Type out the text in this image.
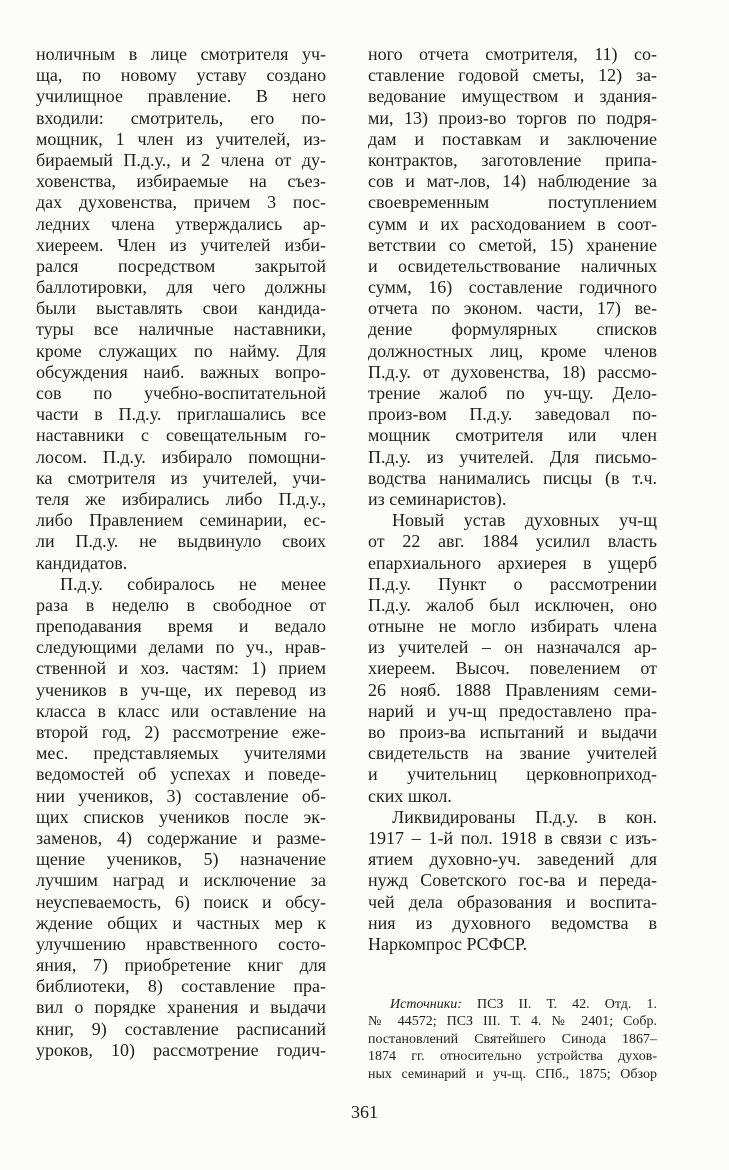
ноличным в лице смотрителя уч-
ща, по новому уставу создано
училищное правление. В него
входили: смотритель, его по-
мощник, 1 член из учителей, из-
бираемый П.д.у., и 2 члена от ду-
ховенства, избираемые на съез-
дах духовенства, причем 3 пос-
ледних члена утверждались ар-
хиереем. Член из учителей изби-
рался посредством закрытой
баллотировки, для чего должны
были выставлять свои кандида-
туры все наличные наставники,
кроме служащих по найму. Для
обсуждения наиб. важных вопро-
сов по учебно-воспитательной
части в П.д.у. приглашались все
наставники с совещательным го-
лосом. П.д.у. избирало помощни-
ка смотрителя из учителей, учи-
теля же избирались либо П.д.у.,
либо Правлением семинарии, ес-
ли П.д.у. не выдвинуло своих
кандидатов.
П.д.у. собиралось не менее
раза в неделю в свободное от
преподавания время и ведало
следующими делами по уч., нрав-
ственной и хоз. частям: 1) прием
учеников в уч-ще, их перевод из
класса в класс или оставление на
второй год, 2) рассмотрение еже-
мес. представляемых учителями
ведомостей об успехах и поведе-
нии учеников, 3) составление об-
щих списков учеников после эк-
заменов, 4) содержание и разме-
щение учеников, 5) назначение
лучшим наград и исключение за
неуспеваемость, 6) поиск и обсу-
ждение общих и частных мер к
улучшению нравственного состо-
яния, 7) приобретение книг для
библиотеки, 8) составление пра-
вил о порядке хранения и выдачи
книг, 9) составление расписаний
уроков, 10) рассмотрение годич-
ного отчета смотрителя, 11) со-
ставление годовой сметы, 12) за-
ведование имуществом и здания-
ми, 13) произ-во торгов по подря-
дам и поставкам и заключение
контрактов, заготовление припа-
сов и мат-лов, 14) наблюдение за
своевременным поступлением
сумм и их расходованием в соот-
ветствии со сметой, 15) хранение
и освидетельствование наличных
сумм, 16) составление годичного
отчета по эконом. части, 17) ве-
дение формулярных списков
должностных лиц, кроме членов
П.д.у. от духовенства, 18) рассмо-
трение жалоб по уч-щу. Дело-
произ-вом П.д.у. заведовал по-
мощник смотрителя или член
П.д.у. из учителей. Для письмо-
водства нанимались писцы (в т.ч.
из семинаристов).
Новый устав духовных уч-щ
от 22 авг. 1884 усилил власть
епархиального архиерея в ущерб
П.д.у. Пункт о рассмотрении
П.д.у. жалоб был исключен, оно
отныне не могло избирать члена
из учителей – он назначался ар-
хиереем. Высоч. повелением от
26 нояб. 1888 Правлениям семи-
нарий и уч-щ предоставлено пра-
во произ-ва испытаний и выдачи
свидетельств на звание учителей
и учительниц церковноприход-
ских школ.
Ликвидированы П.д.у. в кон.
1917 – 1-й пол. 1918 в связи с изъ-
ятием духовно-уч. заведений для
нужд Советского гос-ва и переда-
чей дела образования и воспита-
ния из духовного ведомства в
Наркомпрос РСФСР.
Источники: ПСЗ II. Т. 42. Отд. 1.
№ 44572; ПСЗ III. Т. 4. № 2401; Собр.
постановлений Святейшего Синода 1867–
1874 гг. относительно устройства духов-
ных семинарий и уч-щ. СПб., 1875; Обзор
361
